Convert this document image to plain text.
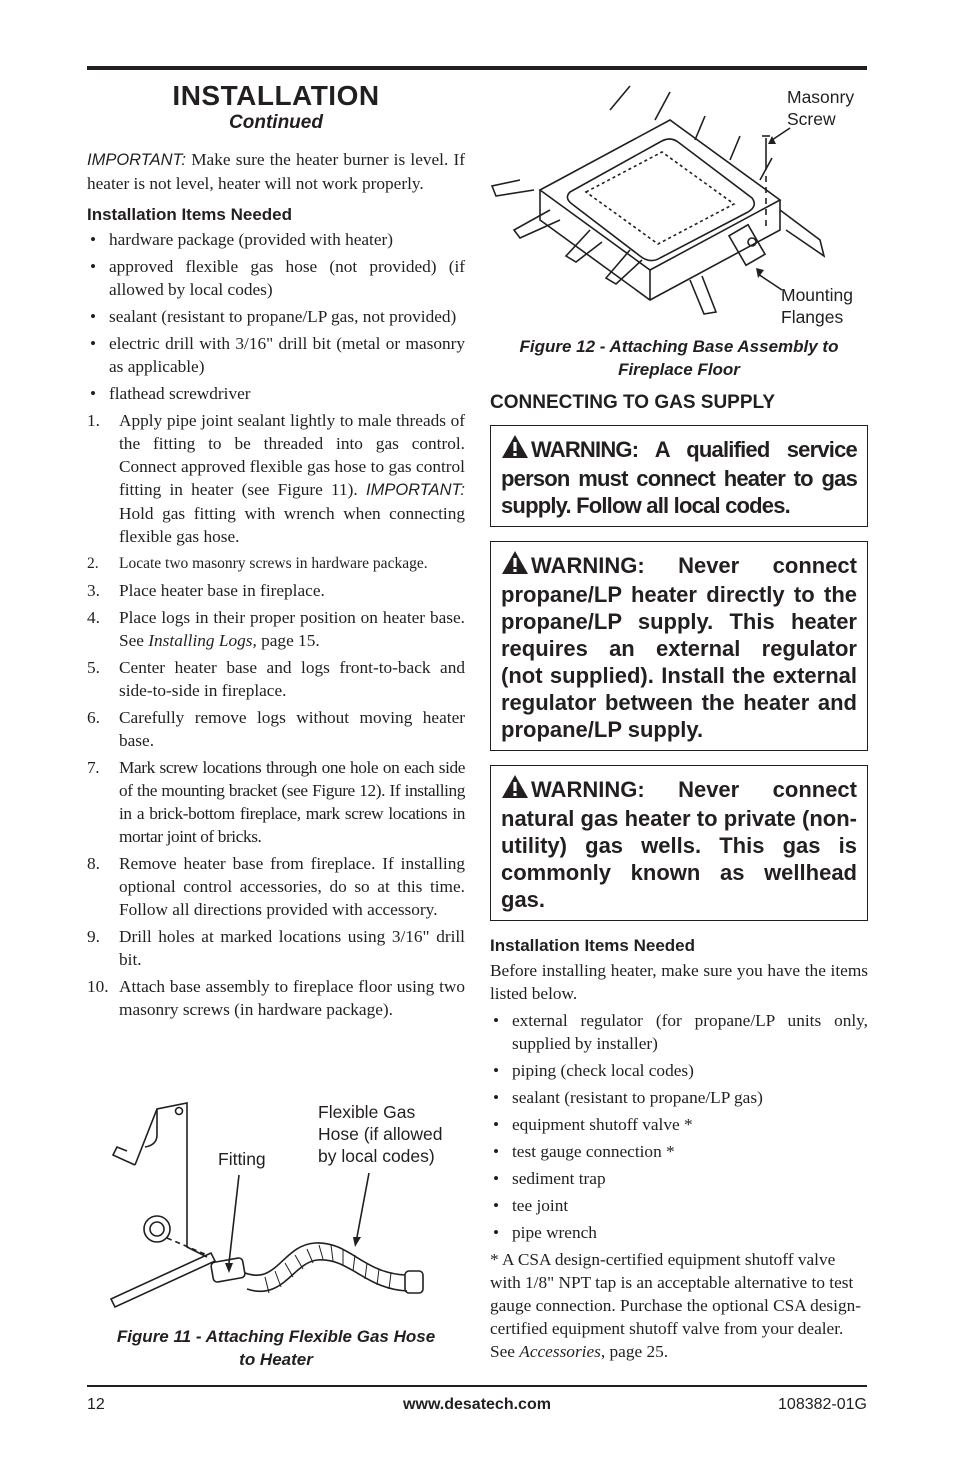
INSTALLATION
Continued

IMPORTANT: Make sure the heater burner is level. If heater is not level, heater will not work properly.

Installation Items Needed
• hardware package (provided with heater)
• approved flexible gas hose (not provided) (if allowed by local codes)
• sealant (resistant to propane/LP gas, not provided)
• electric drill with 3/16" drill bit (metal or masonry as applicable)
• flathead screwdriver
1. Apply pipe joint sealant lightly to male threads of the fitting to be threaded into gas control. Connect approved flexible gas hose to gas control fitting in heater (see Figure 11). IMPORTANT: Hold gas fitting with wrench when connecting flexible gas hose.
2. Locate two masonry screws in hardware package.
3. Place heater base in fireplace.
4. Place logs in their proper position on heater base. See Installing Logs, page 15.
5. Center heater base and logs front-to-back and side-to-side in fireplace.
6. Carefully remove logs without moving heater base.
7. Mark screw locations through one hole on each side of the mounting bracket (see Figure 12). If installing in a brick-bottom fireplace, mark screw locations in mortar joint of bricks.
8. Remove heater base from fireplace. If installing optional control accessories, do so at this time. Follow all directions provided with accessory.
9. Drill holes at marked locations using 3/16" drill bit.
10. Attach base assembly to fireplace floor using two masonry screws (in hardware package).
Fitting
Flexible Gas
Hose (if allowed
by local codes)
Figure 11 - Attaching Flexible Gas Hose
to Heater
Masonry
Screw
Mounting
Flanges
Figure 12 - Attaching Base Assembly to
Fireplace Floor
CONNECTING TO GAS SUPPLY
WARNING: A qualified service person must connect heater to gas supply. Follow all local codes.
WARNING: Never connect propane/LP heater directly to the propane/LP supply. This heater requires an external regulator (not supplied). Install the external regulator between the heater and propane/LP supply.
WARNING: Never connect natural gas heater to private (non-utility) gas wells. This gas is commonly known as wellhead gas.
Installation Items Needed

Before installing heater, make sure you have the items listed below.

• external regulator (for propane/LP units only, supplied by installer)
• piping (check local codes)
• sealant (resistant to propane/LP gas)
• equipment shutoff valve *
• test gauge connection *
• sediment trap
• tee joint
• pipe wrench

* A CSA design-certified equipment shutoff valve with 1/8" NPT tap is an acceptable alternative to test gauge connection. Purchase the optional CSA design-certified equipment shutoff valve from your dealer. See Accessories, page 25.

12	www.desatech.com	108382-01G
